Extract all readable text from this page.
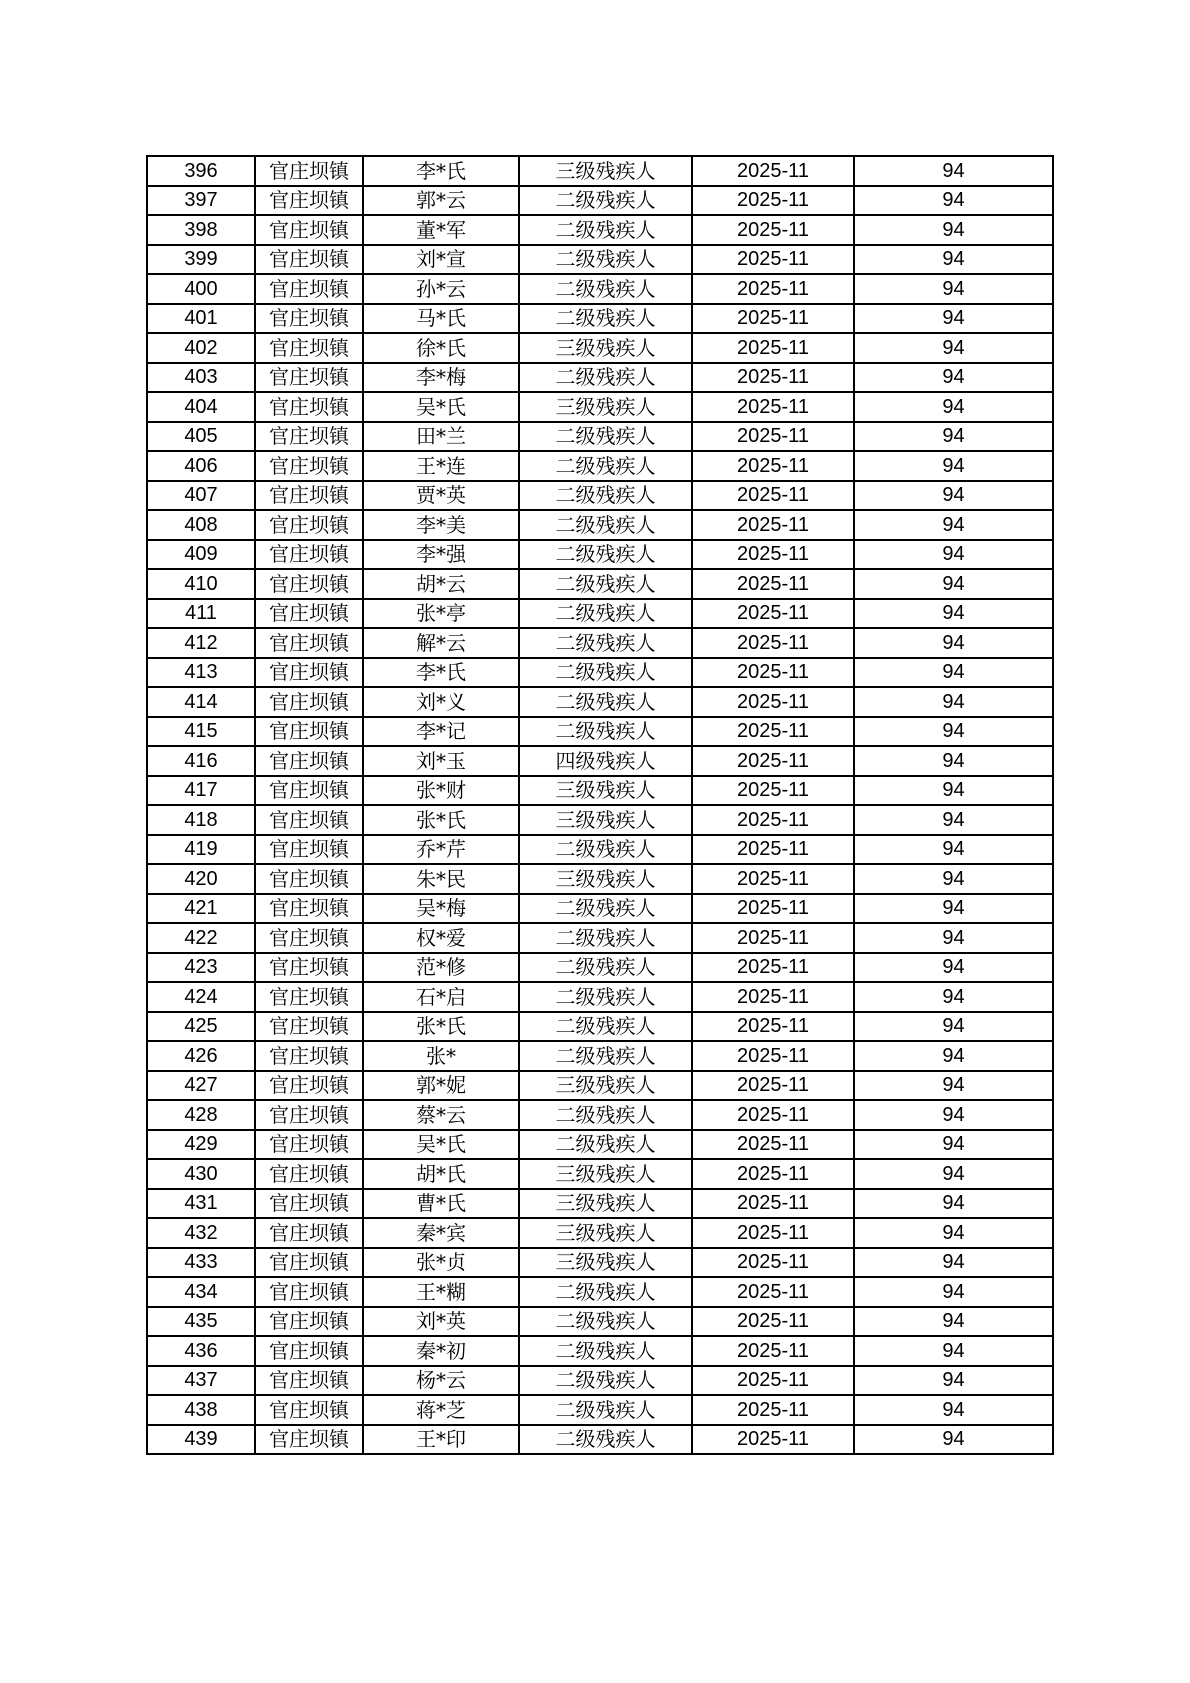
396	官庄坝镇	李*氏	三级残疾人	2025-11	94
397	官庄坝镇	郭*云	二级残疾人	2025-11	94
398	官庄坝镇	董*军	二级残疾人	2025-11	94
399	官庄坝镇	刘*宣	二级残疾人	2025-11	94
400	官庄坝镇	孙*云	二级残疾人	2025-11	94
401	官庄坝镇	马*氏	二级残疾人	2025-11	94
402	官庄坝镇	徐*氏	三级残疾人	2025-11	94
403	官庄坝镇	李*梅	二级残疾人	2025-11	94
404	官庄坝镇	吴*氏	三级残疾人	2025-11	94
405	官庄坝镇	田*兰	二级残疾人	2025-11	94
406	官庄坝镇	王*连	二级残疾人	2025-11	94
407	官庄坝镇	贾*英	二级残疾人	2025-11	94
408	官庄坝镇	李*美	二级残疾人	2025-11	94
409	官庄坝镇	李*强	二级残疾人	2025-11	94
410	官庄坝镇	胡*云	二级残疾人	2025-11	94
411	官庄坝镇	张*亭	二级残疾人	2025-11	94
412	官庄坝镇	解*云	二级残疾人	2025-11	94
413	官庄坝镇	李*氏	二级残疾人	2025-11	94
414	官庄坝镇	刘*义	二级残疾人	2025-11	94
415	官庄坝镇	李*记	二级残疾人	2025-11	94
416	官庄坝镇	刘*玉	四级残疾人	2025-11	94
417	官庄坝镇	张*财	三级残疾人	2025-11	94
418	官庄坝镇	张*氏	三级残疾人	2025-11	94
419	官庄坝镇	乔*芹	二级残疾人	2025-11	94
420	官庄坝镇	朱*民	三级残疾人	2025-11	94
421	官庄坝镇	吴*梅	二级残疾人	2025-11	94
422	官庄坝镇	权*爱	二级残疾人	2025-11	94
423	官庄坝镇	范*修	二级残疾人	2025-11	94
424	官庄坝镇	石*启	二级残疾人	2025-11	94
425	官庄坝镇	张*氏	二级残疾人	2025-11	94
426	官庄坝镇	张*	二级残疾人	2025-11	94
427	官庄坝镇	郭*妮	三级残疾人	2025-11	94
428	官庄坝镇	蔡*云	二级残疾人	2025-11	94
429	官庄坝镇	吴*氏	二级残疾人	2025-11	94
430	官庄坝镇	胡*氏	三级残疾人	2025-11	94
431	官庄坝镇	曹*氏	三级残疾人	2025-11	94
432	官庄坝镇	秦*宾	三级残疾人	2025-11	94
433	官庄坝镇	张*贞	三级残疾人	2025-11	94
434	官庄坝镇	王*糊	二级残疾人	2025-11	94
435	官庄坝镇	刘*英	二级残疾人	2025-11	94
436	官庄坝镇	秦*初	二级残疾人	2025-11	94
437	官庄坝镇	杨*云	二级残疾人	2025-11	94
438	官庄坝镇	蒋*芝	二级残疾人	2025-11	94
439	官庄坝镇	王*印	二级残疾人	2025-11	94
